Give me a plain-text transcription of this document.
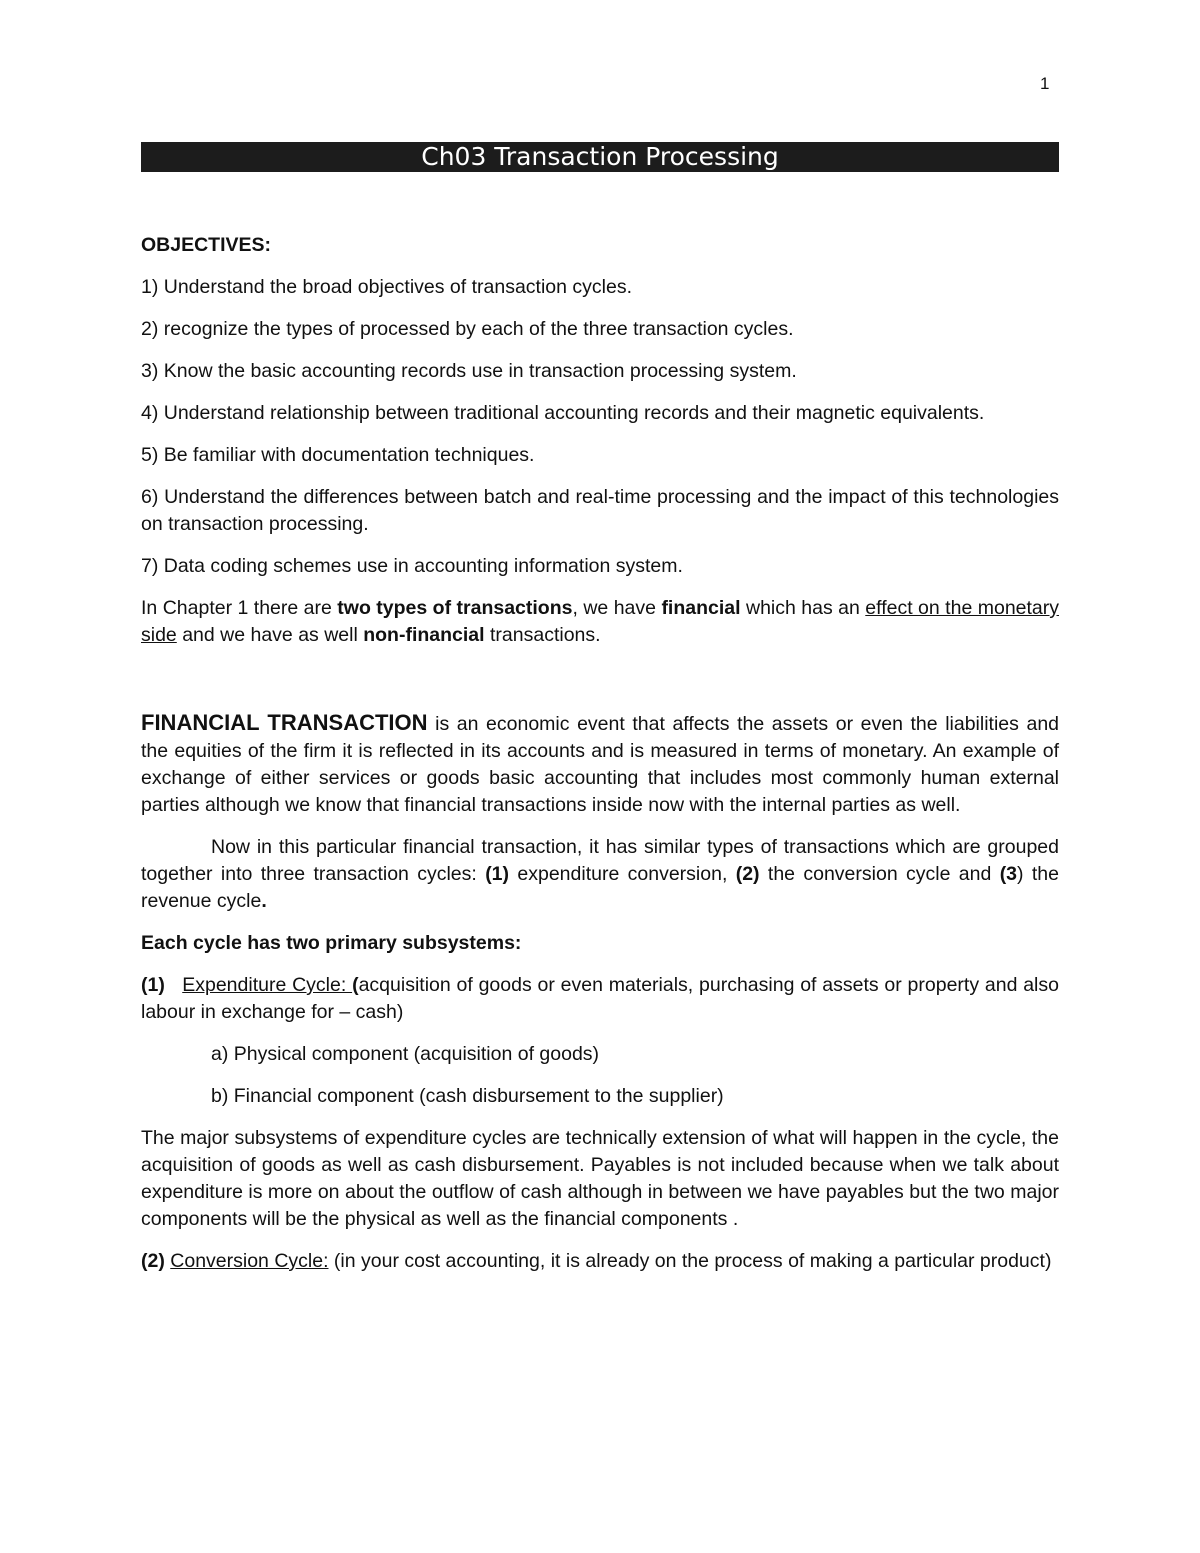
1
Ch03 Transaction Processing

OBJECTIVES:

1) Understand the broad objectives of transaction cycles.

2) recognize the types of processed by each of the three transaction cycles.

3) Know the basic accounting records use in transaction processing system.

4) Understand relationship between traditional accounting records and their magnetic equivalents.

5) Be familiar with documentation techniques.

6) Understand the differences between batch and real-time processing and the impact of this technologies on transaction processing.

7) Data coding schemes use in accounting information system.

In Chapter 1 there are two types of transactions, we have financial which has an effect on the monetary side and we have as well non-financial transactions.

FINANCIAL TRANSACTION is an economic event that affects the assets or even the liabilities and the equities of the firm it is reflected in its accounts and is measured in terms of monetary. An example of exchange of either services or goods basic accounting that includes most commonly human external parties although we know that financial transactions inside now with the internal parties as well.

Now in this particular financial transaction, it has similar types of transactions which are grouped together into three transaction cycles: (1) expenditure conversion, (2) the conversion cycle and (3) the revenue cycle.

Each cycle has two primary subsystems:

(1) Expenditure Cycle: (acquisition of goods or even materials, purchasing of assets or property and also labour in exchange for – cash)

a) Physical component (acquisition of goods)

b) Financial component (cash disbursement to the supplier)

The major subsystems of expenditure cycles are technically extension of what will happen in the cycle, the acquisition of goods as well as cash disbursement. Payables is not included because when we talk about expenditure is more on about the outflow of cash although in between we have payables but the two major components will be the physical as well as the financial components .

(2) Conversion Cycle: (in your cost accounting, it is already on the process of making a particular product)
